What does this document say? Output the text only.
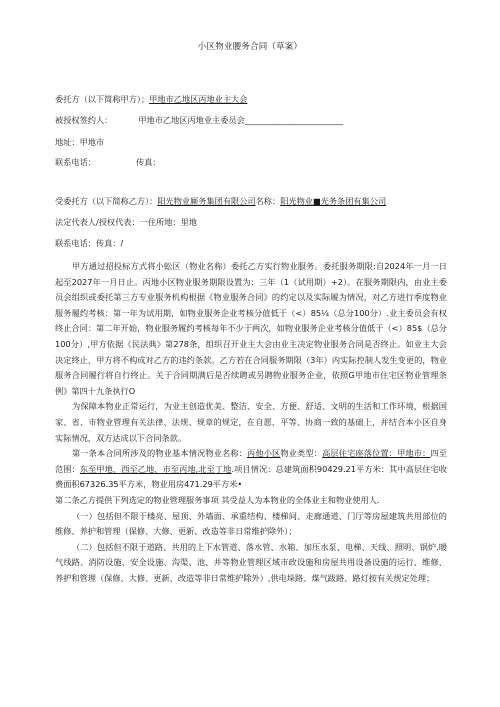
小区物业腰务合同（草案）
委托方（以下简称甲方）；甲地市乙地区丙地业主大会
被授权签约人：	甲地市乙地区丙地业主委员会________________________
地址：甲地市
联系电话：	传真：
受委托方（以下简称乙方）：阳光物业厮务集团有限公司名称：阳光物业■光务条团有集公司
法定代表人/授权代表：一住所地：里地
联系电话：传真：/

甲方通过招投标方式将小蚣区（物业名称）委托乙方实行物业服务。委托服务期限:自2024年一月一日起至2027年一月日止。丙地小区物业服务期限设置为：三年（1（试用期）+2）。在服务期限内，由业主委员会组织或委托第三方专业服务机构根据《物业服务合同》的约定以及实际履为情况，对乙方进行季度物业服务履约考核：第一年为试用期，如物业服务企业考核分值低于（<）85⅟₄（总分100分）.业主委员会有权终止合同：第二年开始，物业服务履约考核每年不少于两次，如物业服务企业考核分值低于（<）85$（总分100分）,甲方依据《民法典》第278条，组织召开业主大会由业主决定物业服务合同是否终止。如业主大会决定终止，甲方将不构成对乙方的违约条款。乙方若在合同服务期限（3年）内实际控制人发生变更的，物业服务合同履行将自行终止。关于合同期满后是否续聘或另聘物业服务企业，依照G甲地市住宅区物业管理条例》第四十九条执行O

为保障本物业正常运行，为业主创造优美、整洁、安全、方便、舒适、文明的生活和工作环境，根据国家、省、市物业管理有关法律、法规、规章的规定，在自愿、平等、协商一致的基础上，并结合本小区自身实际情况，双方达成以下合同条款。

第一条本合同所涉及的物业基本情况物业名称：丙他小区物业类型：高层住宅座落位置：甲地市：四至范围：东至甲地、西至乙地、市至丙地,北至丁地.项目情况：总建筑面积90429.21平方米：其中高层住宅收费面积67326.35平方米，物业用房471.29平方米•

第二条乙方提供下列选定的物业管理服务事项 其受益人为本物业的全体业主和物业使用人.

（一）包括但不限于楼亮、屋顶、外墙面、承重结构、楼梯间、走廊通道、门厅等房屋建筑共用部位的维修、养护和管理（保修、大修、更新、改造等非日常维护除外）；

（二）包括但不限于道路、共用的上下水管道、落水管、水箱、加压水泵、电梯、天线、照明、锅炉.暖气线路、消防设施、安全设施、沟渠、池、井等物业管理区域市政设施和房屋共用设备设施的运行、维修、养护和管理（保修、大修、更新、改造等非日常维护除外）,供电垛路、煤气跋路、路灯按有关规定处理；
